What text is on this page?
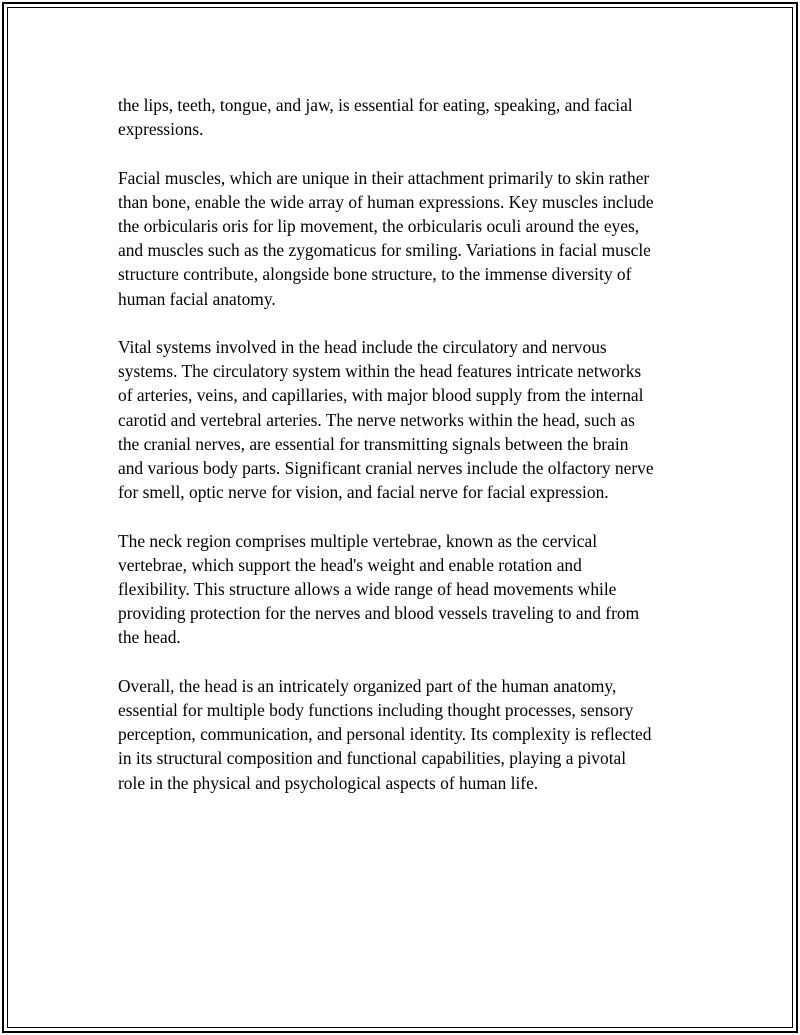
the lips, teeth, tongue, and jaw, is essential for eating, speaking, and facial
expressions.

Facial muscles, which are unique in their attachment primarily to skin rather
than bone, enable the wide array of human expressions. Key muscles include
the orbicularis oris for lip movement, the orbicularis oculi around the eyes,
and muscles such as the zygomaticus for smiling. Variations in facial muscle
structure contribute, alongside bone structure, to the immense diversity of
human facial anatomy.

Vital systems involved in the head include the circulatory and nervous
systems. The circulatory system within the head features intricate networks
of arteries, veins, and capillaries, with major blood supply from the internal
carotid and vertebral arteries. The nerve networks within the head, such as
the cranial nerves, are essential for transmitting signals between the brain
and various body parts. Significant cranial nerves include the olfactory nerve
for smell, optic nerve for vision, and facial nerve for facial expression.

The neck region comprises multiple vertebrae, known as the cervical
vertebrae, which support the head's weight and enable rotation and
flexibility. This structure allows a wide range of head movements while
providing protection for the nerves and blood vessels traveling to and from
the head.

Overall, the head is an intricately organized part of the human anatomy,
essential for multiple body functions including thought processes, sensory
perception, communication, and personal identity. Its complexity is reflected
in its structural composition and functional capabilities, playing a pivotal
role in the physical and psychological aspects of human life.
